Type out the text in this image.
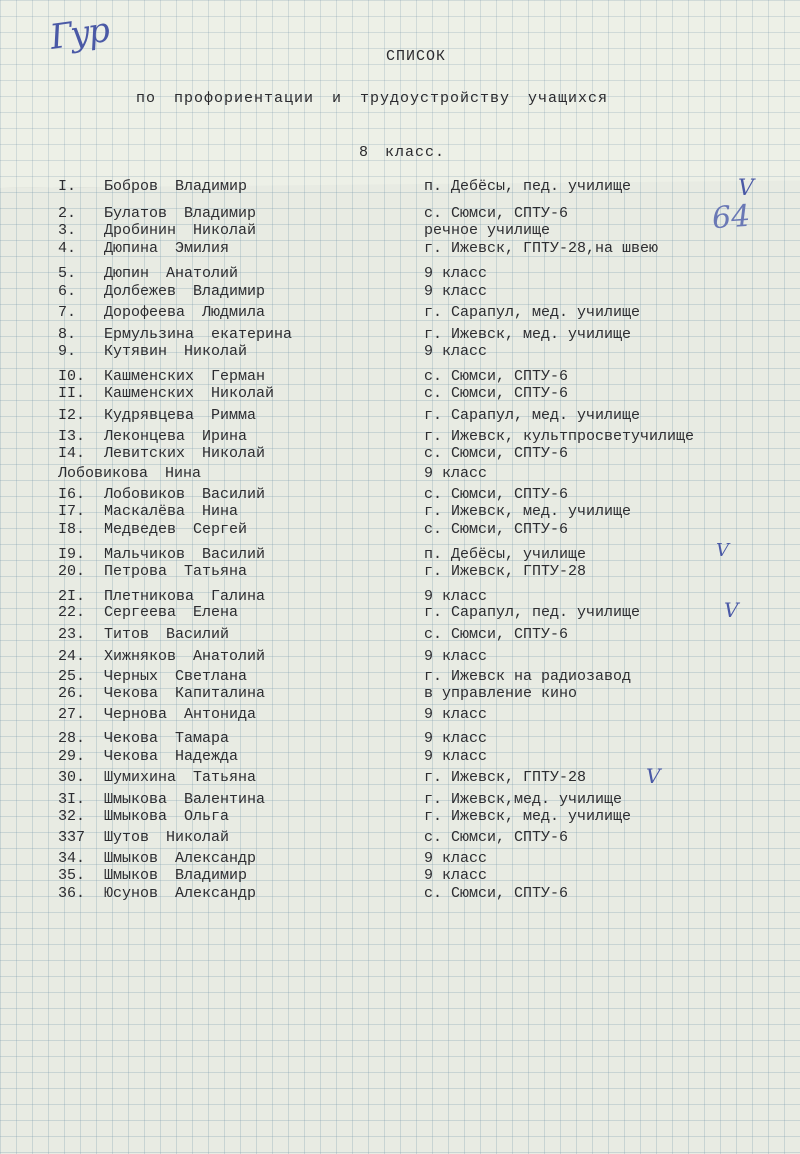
Гур	СПИСОК
по профориентации и трудоустройству учащихся
8 класс.
64
V
V
V
V
I. Бобров Владимир	п. Дебёсы, пед. училище
2. Булатов Владимир	с. Сюмси, СПТУ-6
3. Дробинин Николай	речное училище
4. Дюпина Эмилия	г. Ижевск, ГПТУ-28,на швею
5. Дюпин Анатолий	9 класс
6. Долбежев Владимир	9 класс
7. Дорофеева Людмила	г. Сарапул, мед. училище
8. Ермульзина екатерина	г. Ижевск, мед. училище
9. Кутявин Николай	9 класс
I0. Кашменских Герман	с. Сюмси, СПТУ-6
II. Кашменских Николай	с. Сюмси, СПТУ-6
I2. Кудрявцева Римма	г. Сарапул, мед. училище
I3. Леконцева Ирина	г. Ижевск, культпросветучилище
I4. Левитских Николай	с. Сюмси, СПТУ-6
Лобовикова Нина	9 класс
I6. Лобовиков Василий	с. Сюмси, СПТУ-6
I7. Маскалёва Нина	г. Ижевск, мед. училище
I8. Медведев Сергей	с. Сюмси, СПТУ-6
I9. Мальчиков Василий	п. Дебёсы, училище
20. Петрова Татьяна	г. Ижевск, ГПТУ-28
2I. Плетникова Галина	9 класс
22. Сергеева Елена	г. Сарапул, пед. училище
23. Титов Василий	с. Сюмси, СПТУ-6
24. Хижняков Анатолий	9 класс
25. Черных Светлана	г. Ижевск на радиозавод
26. Чекова Капиталина	в управление кино
27. Чернова Антонида	9 класс
28. Чекова Тамара	9 класс
29. Чекова Надежда	9 класс
30. Шумихина Татьяна	г. Ижевск, ГПТУ-28
3I. Шмыкова Валентина	г. Ижевск,мед. училище
32. Шмыкова Ольга	г. Ижевск, мед. училище
337 Шутов Николай	с. Сюмси, СПТУ-6
34. Шмыков Александр	9 класс
35. Шмыков Владимир	9 класс
36. Юсунов Александр	с. Сюмси, СПТУ-6
